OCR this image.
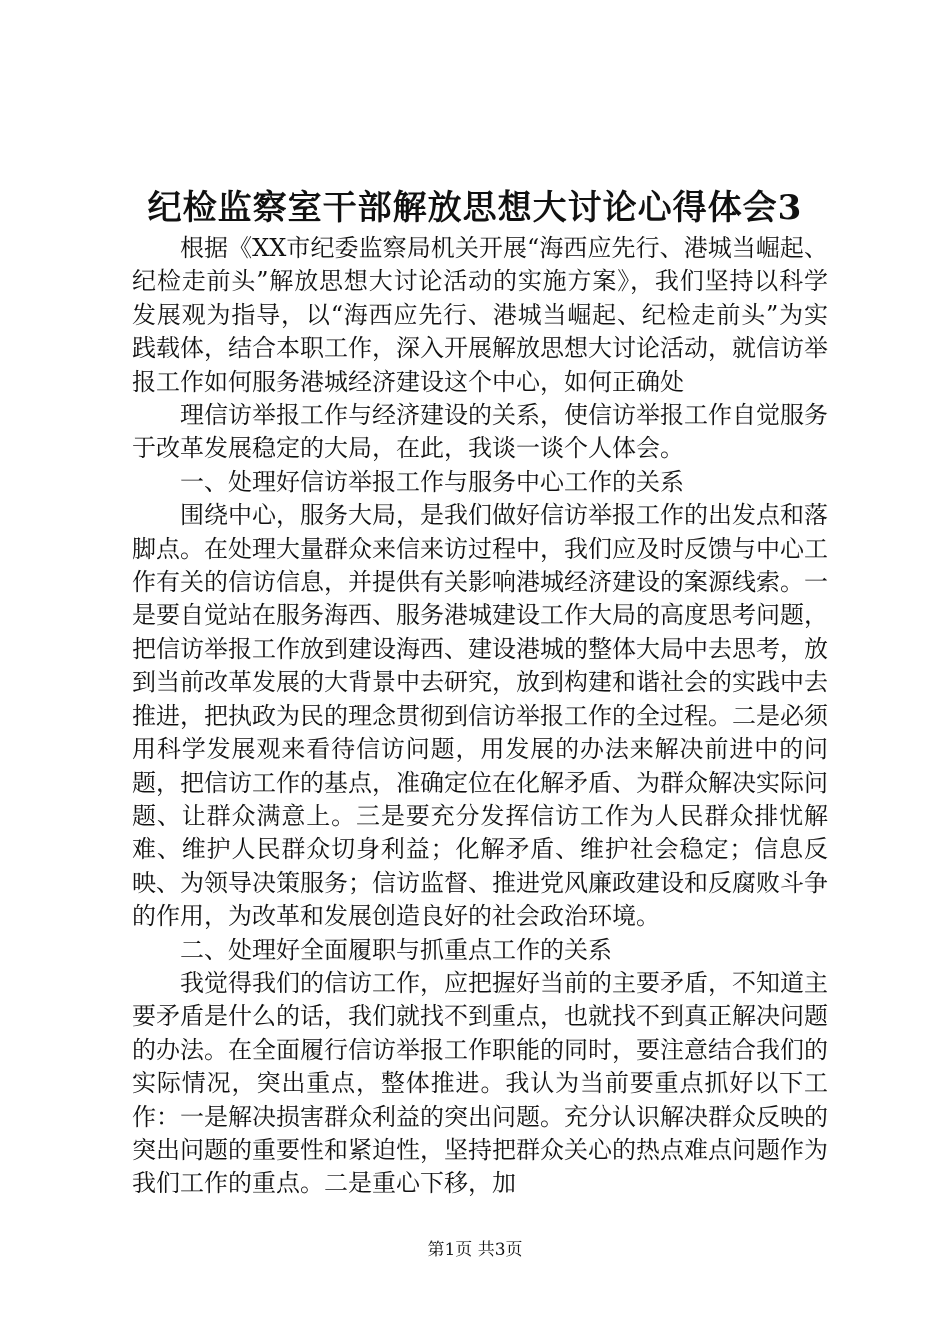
纪检监察室干部解放思想大讨论心得体会3

根据《XX市纪委监察局机关开展“海西应先行、港城当崛起、纪检走前头”解放思想大讨论活动的实施方案》，我们坚持以科学发展观为指导，以“海西应先行、港城当崛起、纪检走前头”为实践载体，结合本职工作，深入开展解放思想大讨论活动，就信访举报工作如何服务港城经济建设这个中心，如何正确处

理信访举报工作与经济建设的关系，使信访举报工作自觉服务于改革发展稳定的大局，在此，我谈一谈个人体会。

一、处理好信访举报工作与服务中心工作的关系

围绕中心，服务大局，是我们做好信访举报工作的出发点和落脚点。在处理大量群众来信来访过程中，我们应及时反馈与中心工作有关的信访信息，并提供有关影响港城经济建设的案源线索。一是要自觉站在服务海西、服务港城建设工作大局的高度思考问题，把信访举报工作放到建设海西、建设港城的整体大局中去思考，放到当前改革发展的大背景中去研究，放到构建和谐社会的实践中去推进，把执政为民的理念贯彻到信访举报工作的全过程。二是必须用科学发展观来看待信访问题，用发展的办法来解决前进中的问题，把信访工作的基点，准确定位在化解矛盾、为群众解决实际问题、让群众满意上。三是要充分发挥信访工作为人民群众排忧解难、维护人民群众切身利益；化解矛盾、维护社会稳定；信息反映、为领导决策服务；信访监督、推进党风廉政建设和反腐败斗争的作用，为改革和发展创造良好的社会政治环境。

二、处理好全面履职与抓重点工作的关系

我觉得我们的信访工作，应把握好当前的主要矛盾，不知道主要矛盾是什么的话，我们就找不到重点，也就找不到真正解决问题的办法。在全面履行信访举报工作职能的同时，要注意结合我们的实际情况，突出重点，整体推进。我认为当前要重点抓好以下工作：一是解决损害群众利益的突出问题。充分认识解决群众反映的突出问题的重要性和紧迫性，坚持把群众关心的热点难点问题作为我们工作的重点。二是重心下移，加

第1页 共3页
